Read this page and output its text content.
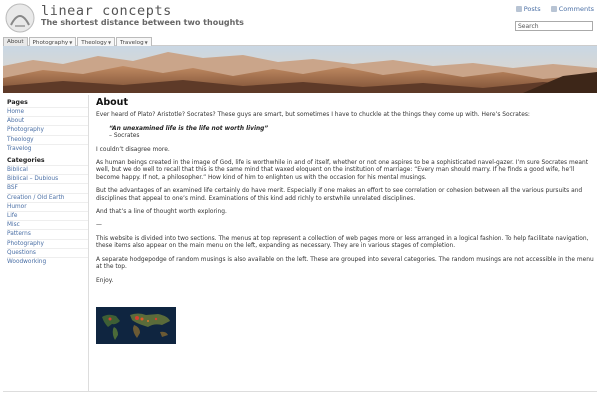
linear concepts
The shortest distance between two thoughts
Posts
	Comments
Search
About	Photography▼	Theology▼	Travelog▼
Pages
Home
About
Photography
Theology
Travelog
Categories
Biblical
Biblical – Dubious
BSF
Creation / Old Earth
Humor
Life
Misc
Patterns
Photography
Questions
Woodworking
About

Ever heard of Plato? Aristotle? Socrates? These guys are smart, but sometimes I have to chuckle at the things they come up with. Here’s Socrates:

“An unexamined life is the life not worth living”
– Socrates

I couldn’t disagree more.

As human beings created in the image of God, life is worthwhile in and of itself, whether or not one aspires to be a sophisticated navel-gazer. I’m sure Socrates meant well, but we do well to recall that this is the same mind that waxed eloquent on the institution of marriage: “Every man should marry. If he finds a good wife, he’ll become happy. If not, a philosopher.” How kind of him to enlighten us with the occasion for his mental musings.

But the advantages of an examined life certainly do have merit. Especially if one makes an effort to see correlation or cohesion between all the various pursuits and disciplines that appeal to one’s mind. Examinations of this kind add richly to erstwhile unrelated disciplines.

And that’s a line of thought worth exploring.

—

This website is divided into two sections. The menus at top represent a collection of web pages more or less arranged in a logical fashion. To help facilitate navigation, these items also appear on the main menu on the left, expanding as necessary. They are in various stages of completion.

A separate hodgepodge of random musings is also available on the left. These are grouped into several categories. The random musings are not accessible in the menu at the top.

Enjoy.
